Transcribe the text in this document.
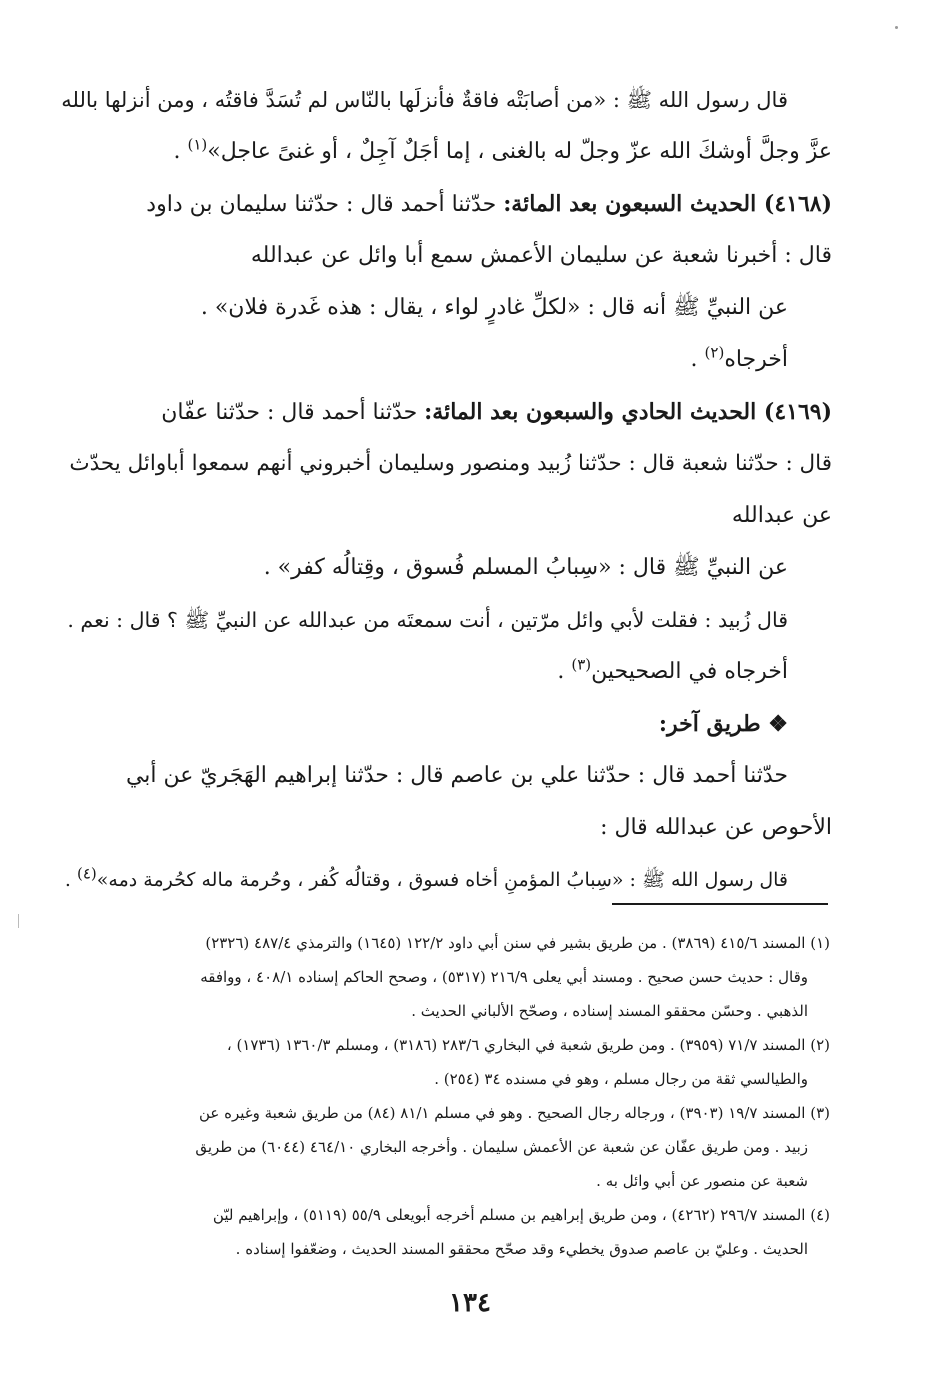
قال رسول الله ﷺ : «من أصابَتْه فاقةٌ فأنزلَها بالنّاس لم تُسَدَّ فاقتُه ، ومن أنزلها بالله
عزَّ وجلَّ أوشكَ الله عزّ وجلّ له بالغنى ، إما أجَلٌ آجِلٌ ، أو غنىً عاجل»$^{(١)}$ .
(٤١٦٨) الحديث السبعون بعد المائة: حدّثنا أحمد قال : حدّثنا سليمان بن داود
قال : أخبرنا شعبة عن سليمان الأعمش سمع أبا وائل عن عبدالله
عن النبيِّ ﷺ أنه قال : «لكلِّ غادرٍ لواء ، يقال : هذه غَدرة فلان» .
أخرجاه$^{(٢)}$ .
(٤١٦٩) الحديث الحادي والسبعون بعد المائة: حدّثنا أحمد قال : حدّثنا عفّان
قال : حدّثنا شعبة قال : حدّثنا زُبيد ومنصور وسليمان أخبروني أنهم سمعوا أباوائل يحدّث
عن عبدالله
عن النبيِّ ﷺ قال : «سِبابُ المسلم فُسوق ، وقِتالُه كفر» .
قال زُبيد : فقلت لأبي وائل مرّتين ، أنت سمعتَه من عبدالله عن النبيِّ ﷺ ؟ قال : نعم .
أخرجاه في الصحيحين$^{(٣)}$ .
❖ طريق آخر:
حدّثنا أحمد قال : حدّثنا علي بن عاصم قال : حدّثنا إبراهيم الهَجَريّ عن أبي
الأحوص عن عبدالله قال :
قال رسول الله ﷺ : «سِبابُ المؤمنِ أخاه فسوق ، وقتالُه كُفر ، وحُرمة ماله كحُرمة دمه»$^{(٤)}$ .
(١) المسند ٤١٥/٦ (٣٨٦٩) . من طريق بشير في سنن أبي داود ١٢٢/٢ (١٦٤٥) والترمذي ٤٨٧/٤ (٢٣٢٦)
وقال : حديث حسن صحيح . ومسند أبي يعلى ٢١٦/٩ (٥٣١٧) ، وصحح الحاكم إسناده ٤٠٨/١ ، ووافقه
الذهبي . وحسّن محققو المسند إسناده ، وصحّح الألباني الحديث .
(٢) المسند ٧١/٧ (٣٩٥٩) . ومن طريق شعبة في البخاري ٢٨٣/٦ (٣١٨٦) ، ومسلم ١٣٦٠/٣ (١٧٣٦) ،
والطيالسي ثقة من رجال مسلم ، وهو في مسنده ٣٤ (٢٥٤) .
(٣) المسند ١٩/٧ (٣٩٠٣) ، ورجاله رجال الصحيح . وهو في مسلم ٨١/١ (٨٤) من طريق شعبة وغيره عن
زبيد . ومن طريق عفّان عن شعبة عن الأعمش سليمان . وأخرجه البخاري ٤٦٤/١٠ (٦٠٤٤) من طريق
شعبة عن منصور عن أبي وائل به .
(٤) المسند ٢٩٦/٧ (٤٢٦٢) ، ومن طريق إبراهيم بن مسلم أخرجه أبويعلى ٥٥/٩ (٥١١٩) ، وإبراهيم ليّن
الحديث . وعليّ بن عاصم صدوق يخطيء وقد صحّح محققو المسند الحديث ، وضعّفوا إسناده .
١٣٤
